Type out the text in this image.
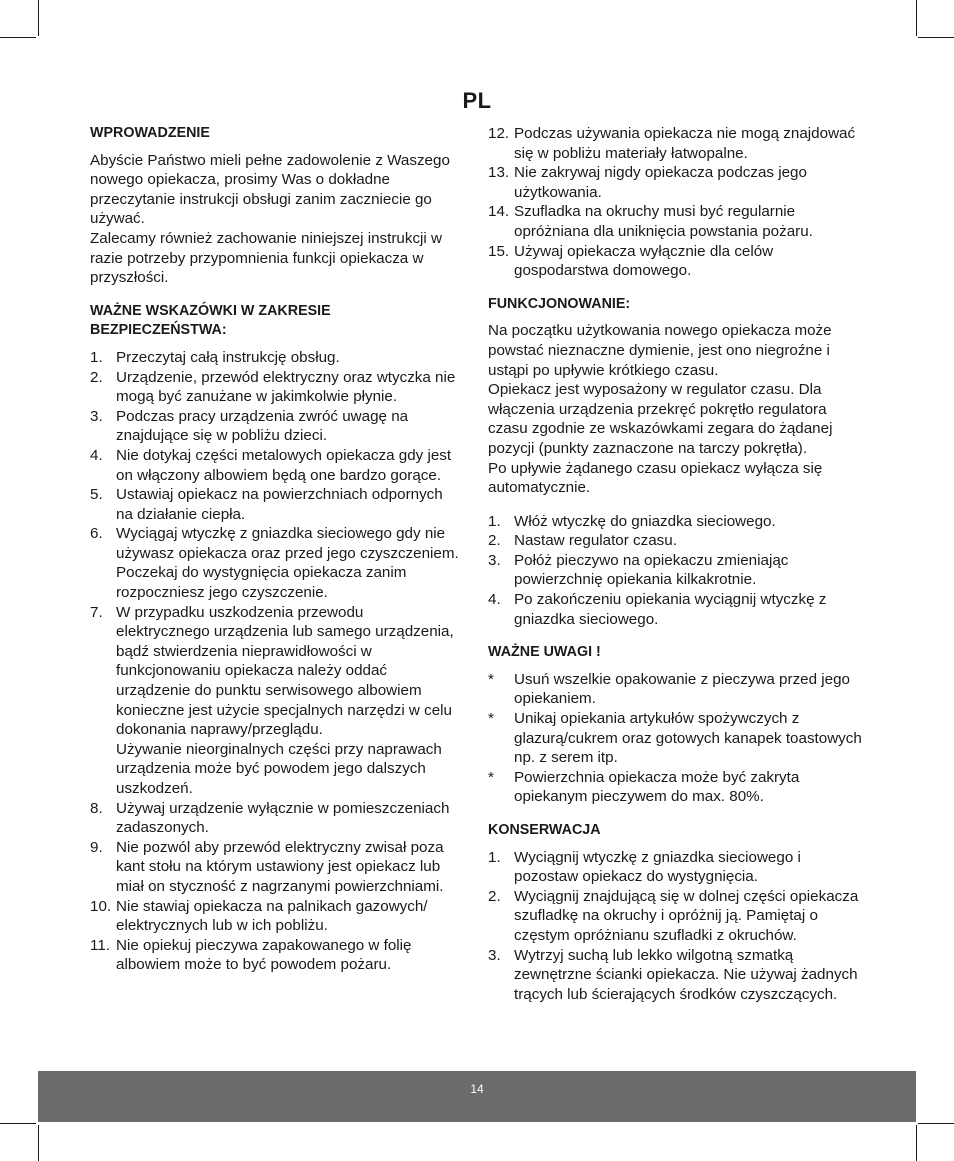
PL
WPROWADZENIE

Abyście Państwo mieli pełne zadowolenie z Waszego nowego opiekacza, prosimy Was o dokładne przeczytanie instrukcji obsługi zanim zaczniecie go używać.

Zalecamy również zachowanie niniejszej instrukcji w razie potrzeby przypomnienia funkcji opiekacza w przyszłości.

WAŻNE WSKAZÓWKI W ZAKRESIE BEZPIECZEŃSTWA:
1. Przeczytaj całą instrukcję obsług.
2. Urządzenie, przewód elektryczny oraz wtyczka nie mogą być zanużane w jakimkolwie płynie.
3. Podczas pracy urządzenia zwróć uwagę na znajdujące się w pobliżu dzieci.
4. Nie dotykaj części metalowych opiekacza gdy jest on włączony albowiem będą one bardzo gorące.
5. Ustawiaj opiekacz na powierzchniach odpornych na działanie ciepła.
6. Wyciągaj wtyczkę z gniazdka sieciowego gdy nie używasz opiekacza oraz przed jego czyszczeniem. Poczekaj do wystygnięcia opiekacza zanim rozpoczniesz jego czyszczenie.
7. W przypadku uszkodzenia przewodu elektrycznego urządzenia lub samego urządzenia, bądź stwierdzenia nieprawidłowości w funkcjonowaniu opiekacza należy oddać urządzenie do punktu serwisowego albowiem konieczne jest użycie specjalnych narzędzi w celu dokonania naprawy/przeglądu.
Używanie nieorginalnych części przy naprawach urządzenia może być powodem jego dalszych uszkodzeń.
8. Używaj urządzenie wyłącznie w pomieszczeniach zadaszonych.
9. Nie pozwól aby przewód elektryczny zwisał poza kant stołu na którym ustawiony jest opiekacz lub miał on styczność z nagrzanymi powierzchniami.
10. Nie stawiaj opiekacza na palnikach gazowych/ elektrycznych lub w ich pobliżu.
11. Nie opiekuj pieczywa zapakowanego w folię albowiem może to być powodem pożaru.
12. Podczas używania opiekacza nie mogą znajdować się w pobliżu materiały łatwopalne.
13. Nie zakrywaj nigdy opiekacza podczas jego użytkowania.
14. Szufladka na okruchy musi być regularnie opróżniana dla uniknięcia powstania pożaru.
15. Używaj opiekacza wyłącznie dla celów gospodarstwa domowego.
FUNKCJONOWANIE:

Na początku użytkowania nowego opiekacza może powstać nieznaczne dymienie, jest ono niegroźne i ustąpi po upływie krótkiego czasu.

Opiekacz jest wyposażony w regulator czasu. Dla włączenia urządzenia przekręć pokrętło regulatora czasu zgodnie ze wskazówkami zegara do żądanej pozycji (punkty zaznaczone na tarczy pokrętła).

Po upływie żądanego czasu opiekacz wyłącza się automatycznie.

1. Włóż wtyczkę do gniazdka sieciowego.
2. Nastaw regulator czasu.
3. Połóż pieczywo na opiekaczu zmieniając powierzchnię opiekania kilkakrotnie.
4. Po zakończeniu opiekania wyciągnij wtyczkę z gniazdka sieciowego.
WAŻNE UWAGI !
* Usuń wszelkie opakowanie z pieczywa przed jego opiekaniem.
* Unikaj opiekania artykułów spożywczych z glazurą/cukrem oraz gotowych kanapek toastowych np. z serem itp.
* Powierzchnia opiekacza może być zakryta opiekanym pieczywem do max. 80%.
KONSERWACJA
1. Wyciągnij wtyczkę z gniazdka sieciowego i pozostaw opiekacz do wystygnięcia.
2. Wyciągnij znajdującą się w dolnej części opiekacza szufladkę na okruchy i opróżnij ją. Pamiętaj o częstym opróżnianu szufladki z okruchów.
3. Wytrzyj suchą lub lekko wilgotną szmatką zewnętrzne ścianki opiekacza. Nie używaj żadnych trących lub ścierających środków czyszczących.
14
